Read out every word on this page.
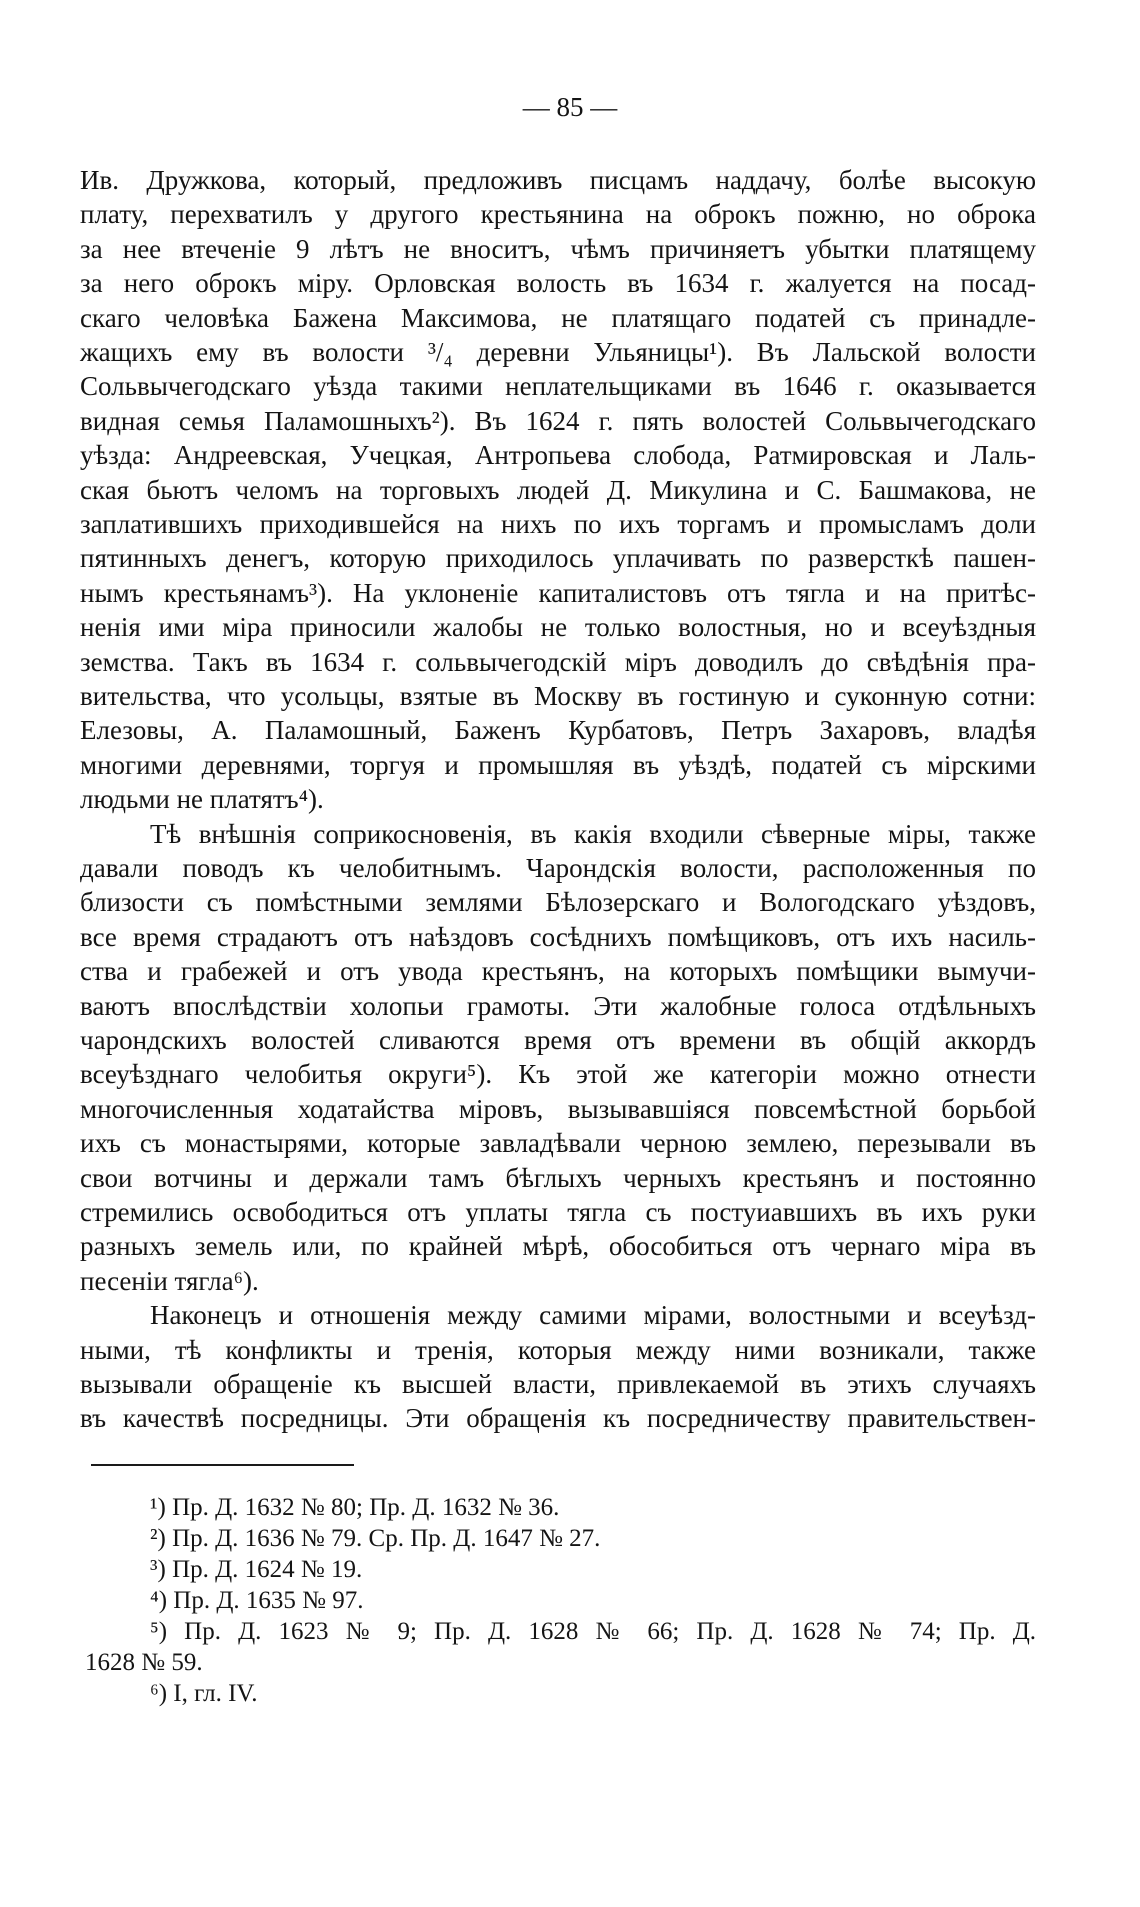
— 85 —
Ив. Дружкова, который, предложивъ писцамъ наддачу, болѣе высокую
плату, перехватилъ у другого крестьянина на оброкъ пожню, но оброка
за нее втеченіе 9 лѣтъ не вноситъ, чѣмъ причиняетъ убытки платящему
за него оброкъ міру. Орловская волость въ 1634 г. жалуется на посад-
скаго человѣка Бажена Максимова, не платящаго податей съ принадле-
жащихъ ему въ волости ³/₄ деревни Ульяницы¹). Въ Лальской волости
Сольвычегодскаго уѣзда такими неплательщиками въ 1646 г. оказывается
видная семья Паламошныхъ²). Въ 1624 г. пять волостей Сольвычегодскаго
уѣзда: Андреевская, Учецкая, Антропьева слобода, Ратмировская и Лаль-
ская бьютъ челомъ на торговыхъ людей Д. Микулина и С. Башмакова, не
заплатившихъ приходившейся на нихъ по ихъ торгамъ и промысламъ доли
пятинныхъ денегъ, которую приходилось уплачивать по разверсткѣ пашен-
нымъ крестьянамъ³). На уклоненіе капиталистовъ отъ тягла и на притѣс-
ненія ими міра приносили жалобы не только волостныя, но и всеуѣздныя
земства. Такъ въ 1634 г. сольвычегодскій міръ доводилъ до свѣдѣнія пра-
вительства, что усольцы, взятые въ Москву въ гостиную и суконную сотни:
Елезовы, А. Паламошный, Баженъ Курбатовъ, Петръ Захаровъ, владѣя
многими деревнями, торгуя и промышляя въ уѣздѣ, податей съ мірскими
людьми не платятъ⁴).
Тѣ внѣшнія соприкосновенія, въ какія входили сѣверные міры, также
давали поводъ къ челобитнымъ. Чарондскія волости, расположенныя по
близости съ помѣстными землями Бѣлозерскаго и Вологодскаго уѣздовъ,
все время страдаютъ отъ наѣздовъ сосѣднихъ помѣщиковъ, отъ ихъ насиль-
ства и грабежей и отъ увода крестьянъ, на которыхъ помѣщики вымучи-
ваютъ впослѣдствіи холопьи грамоты. Эти жалобные голоса отдѣльныхъ
чарондскихъ волостей сливаются время отъ времени въ общій аккордъ
всеуѣзднаго челобитья округи⁵). Къ этой же категоріи можно отнести
многочисленныя ходатайства міровъ, вызывавшіяся повсемѣстной борьбой
ихъ съ монастырями, которые завладѣвали черною землею, перезывали въ
свои вотчины и держали тамъ бѣглыхъ черныхъ крестьянъ и постоянно
стремились освободиться отъ уплаты тягла съ постуиавшихъ въ ихъ руки
разныхъ земель или, по крайней мѣрѣ, обособиться отъ чернаго міра въ
песеніи тягла⁶).
Наконецъ и отношенія между самими мірами, волостными и всеуѣзд-
ными, тѣ конфликты и тренія, которыя между ними возникали, также
вызывали обращеніе къ высшей власти, привлекаемой въ этихъ случаяхъ
въ качествѣ посредницы. Эти обращенія къ посредничеству правительствен-
¹) Пр. Д. 1632 № 80; Пр. Д. 1632 № 36.
²) Пр. Д. 1636 № 79. Ср. Пр. Д. 1647 № 27.
³) Пр. Д. 1624 № 19.
⁴) Пр. Д. 1635 № 97.
⁵) Пр. Д. 1623 № 9; Пр. Д. 1628 № 66; Пр. Д. 1628 № 74; Пр. Д.
1628 № 59.
⁶) I, гл. IV.
